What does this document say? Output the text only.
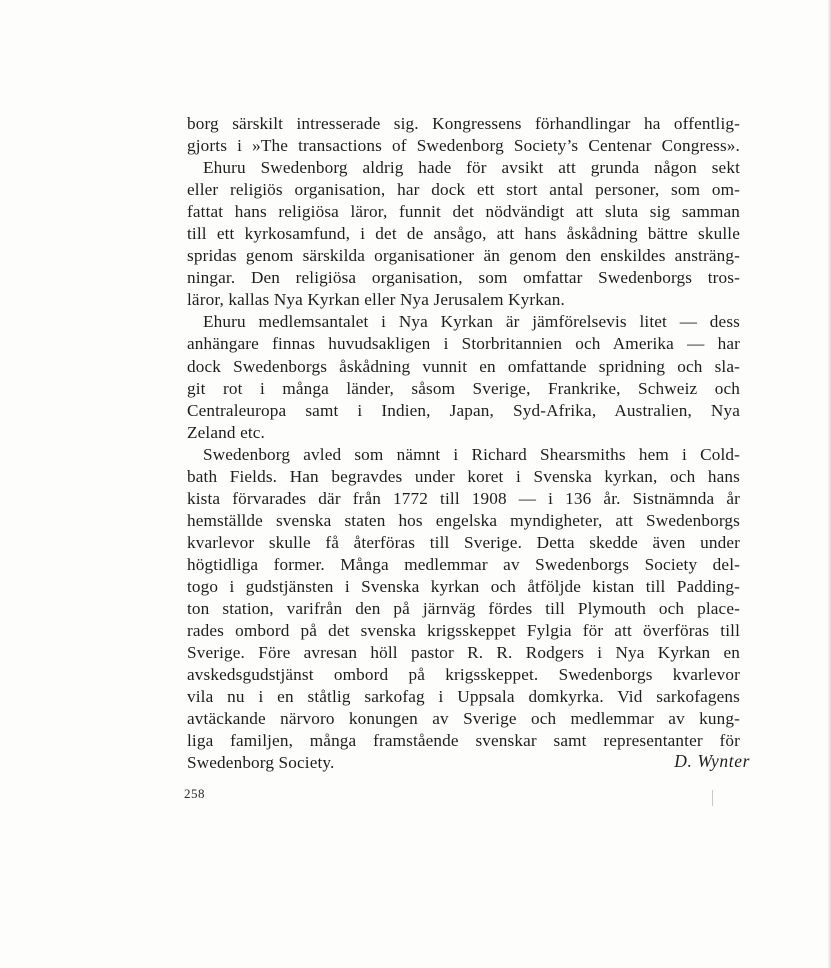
borg särskilt intresserade sig. Kongressens förhandlingar ha offentlig-
gjorts i »The transactions of Swedenborg Society’s Centenar Congress».
Ehuru Swedenborg aldrig hade för avsikt att grunda någon sekt
eller religiös organisation, har dock ett stort antal personer, som om-
fattat hans religiösa läror, funnit det nödvändigt att sluta sig samman
till ett kyrkosamfund, i det de ansågo, att hans åskådning bättre skulle
spridas genom särskilda organisationer än genom den enskildes ansträng-
ningar. Den religiösa organisation, som omfattar Swedenborgs tros-
läror, kallas Nya Kyrkan eller Nya Jerusalem Kyrkan.
Ehuru medlemsantalet i Nya Kyrkan är jämförelsevis litet — dess
anhängare finnas huvudsakligen i Storbritannien och Amerika — har
dock Swedenborgs åskådning vunnit en omfattande spridning och sla-
git rot i många länder, såsom Sverige, Frankrike, Schweiz och
Centraleuropa samt i Indien, Japan, Syd-Afrika, Australien, Nya
Zeland etc.
Swedenborg avled som nämnt i Richard Shearsmiths hem i Cold-
bath Fields. Han begravdes under koret i Svenska kyrkan, och hans
kista förvarades där från 1772 till 1908 — i 136 år. Sistnämnda år
hemställde svenska staten hos engelska myndigheter, att Swedenborgs
kvarlevor skulle få återföras till Sverige. Detta skedde även under
högtidliga former. Många medlemmar av Swedenborgs Society del-
togo i gudstjänsten i Svenska kyrkan och åtföljde kistan till Padding-
ton station, varifrån den på järnväg fördes till Plymouth och place-
rades ombord på det svenska krigsskeppet Fylgia för att överföras till
Sverige. Före avresan höll pastor R. R. Rodgers i Nya Kyrkan en
avskedsgudstjänst ombord på krigsskeppet. Swedenborgs kvarlevor
vila nu i en ståtlig sarkofag i Uppsala domkyrka. Vid sarkofagens
avtäckande närvoro konungen av Sverige och medlemmar av kung-
liga familjen, många framstående svenskar samt representanter för
Swedenborg Society.	D. Wynter
258
